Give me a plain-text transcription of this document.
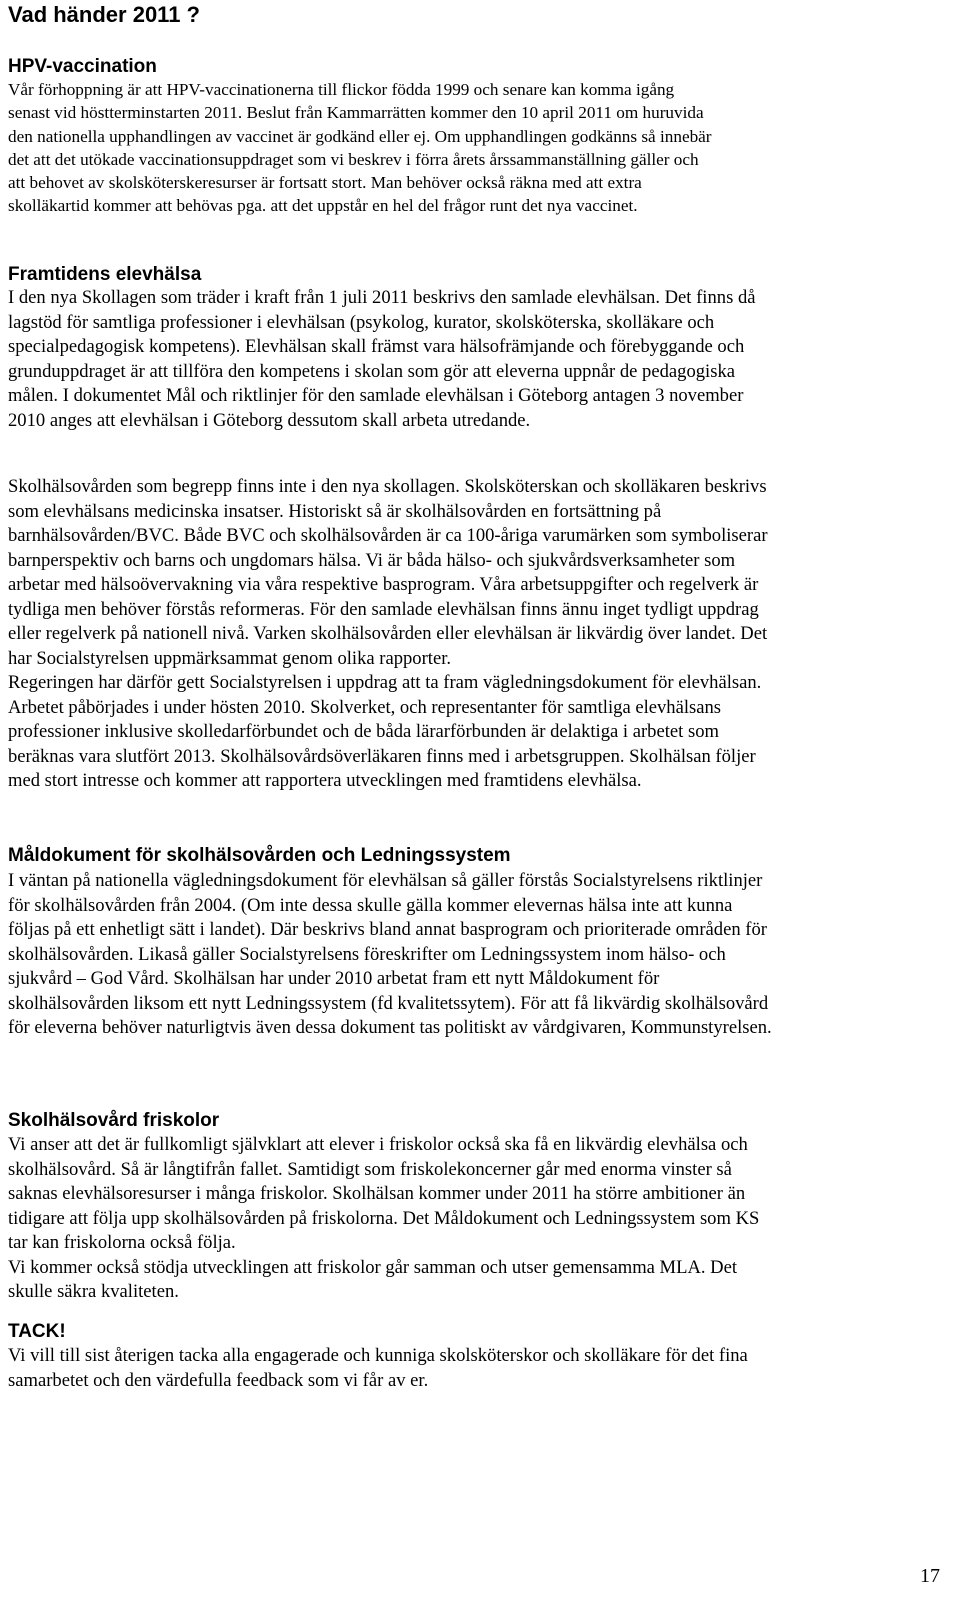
Vad händer 2011 ?
HPV-vaccination
Vår förhoppning är att HPV-vaccinationerna till flickor födda 1999 och senare kan komma igång
senast vid höstterminstarten 2011. Beslut från Kammarrätten kommer den 10 april 2011 om huruvida
den nationella upphandlingen av vaccinet är godkänd eller ej. Om upphandlingen godkänns så innebär
det att det utökade vaccinationsuppdraget som vi beskrev i förra årets årssammanställning gäller och
att behovet av skolsköterskeresurser är fortsatt stort. Man behöver också räkna med att extra
skolläkartid kommer att behövas pga. att det uppstår en hel del frågor runt det nya vaccinet.
Framtidens elevhälsa
I den nya Skollagen som träder i kraft från 1 juli 2011 beskrivs den samlade elevhälsan. Det finns då
lagstöd för samtliga professioner i elevhälsan (psykolog, kurator, skolsköterska, skolläkare och
specialpedagogisk kompetens). Elevhälsan skall främst vara hälsofrämjande och förebyggande och
grunduppdraget är att tillföra den kompetens i skolan som gör att eleverna uppnår de pedagogiska
målen. I dokumentet Mål och riktlinjer för den samlade elevhälsan i Göteborg antagen 3 november
2010 anges att elevhälsan i Göteborg dessutom skall arbeta utredande.
Skolhälsovården som begrepp finns inte i den nya skollagen. Skolsköterskan och skolläkaren beskrivs
som elevhälsans medicinska insatser. Historiskt så är skolhälsovården en fortsättning på
barnhälsovården/BVC. Både BVC och skolhälsovården är ca 100-åriga varumärken som symboliserar
barnperspektiv och barns och ungdomars hälsa. Vi är båda hälso- och sjukvårdsverksamheter som
arbetar med hälsoövervakning via våra respektive basprogram. Våra arbetsuppgifter och regelverk är
tydliga men behöver förstås reformeras. För den samlade elevhälsan finns ännu inget tydligt uppdrag
eller regelverk på nationell nivå. Varken skolhälsovården eller elevhälsan är likvärdig över landet. Det
har Socialstyrelsen uppmärksammat genom olika rapporter.
Regeringen har därför gett Socialstyrelsen i uppdrag att ta fram vägledningsdokument för elevhälsan.
Arbetet påbörjades i under hösten 2010. Skolverket, och representanter för samtliga elevhälsans
professioner inklusive skolledarförbundet och de båda lärarförbunden är delaktiga i arbetet som
beräknas vara slutfört 2013. Skolhälsovårdsöverläkaren finns med i arbetsgruppen. Skolhälsan följer
med stort intresse och kommer att rapportera utvecklingen med framtidens elevhälsa.
Måldokument för skolhälsovården och Ledningssystem
I väntan på nationella vägledningsdokument för elevhälsan så gäller förstås Socialstyrelsens riktlinjer
för skolhälsovården från 2004. (Om inte dessa skulle gälla kommer elevernas hälsa inte att kunna
följas på ett enhetligt sätt i landet). Där beskrivs bland annat basprogram och prioriterade områden för
skolhälsovården. Likaså gäller Socialstyrelsens föreskrifter om Ledningssystem inom hälso- och
sjukvård – God Vård. Skolhälsan har under 2010 arbetat fram ett nytt Måldokument för
skolhälsovården liksom ett nytt Ledningssystem (fd kvalitetssytem). För att få likvärdig skolhälsovård
för eleverna behöver naturligtvis även dessa dokument tas politiskt av vårdgivaren, Kommunstyrelsen.
Skolhälsovård friskolor
Vi anser att det är fullkomligt självklart att elever i friskolor också ska få en likvärdig elevhälsa och
skolhälsovård. Så är långtifrån fallet. Samtidigt som friskolekoncerner går med enorma vinster så
saknas elevhälsoresurser i många friskolor. Skolhälsan kommer under 2011 ha större ambitioner än
tidigare att följa upp skolhälsovården på friskolorna. Det Måldokument och Ledningssystem som KS
tar kan friskolorna också följa.
Vi kommer också stödja utvecklingen att friskolor går samman och utser gemensamma MLA. Det
skulle säkra kvaliteten.
TACK!
Vi vill till sist återigen tacka alla engagerade och kunniga skolsköterskor och skolläkare för det fina
samarbetet och den värdefulla feedback som vi får av er.
17
